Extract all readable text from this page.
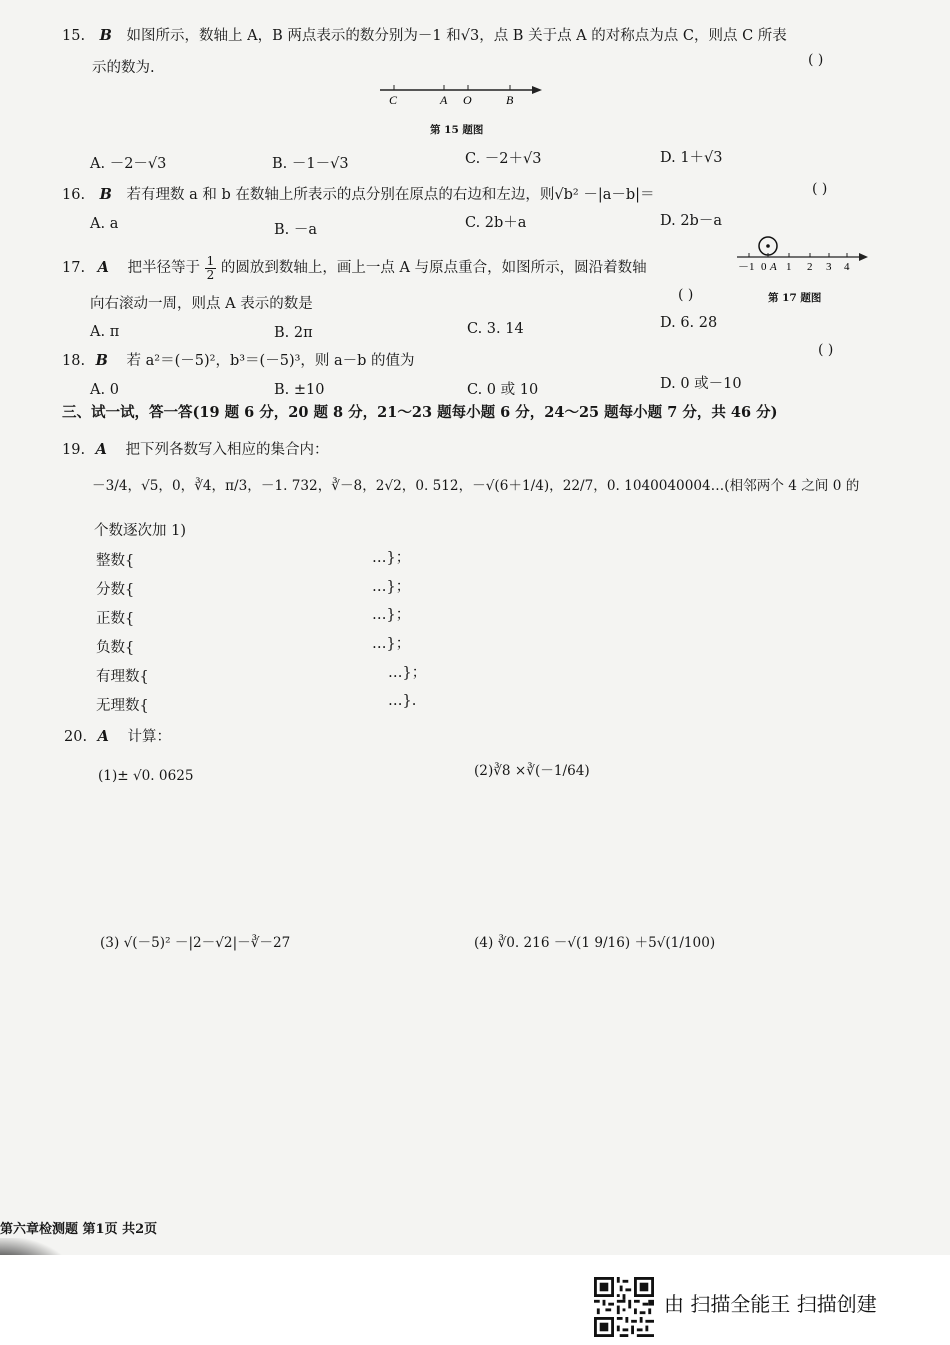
15. B 如图所示，数轴上 A，B 两点表示的数分别为－1 和√3，点 B 关于点 A 的对称点为点 C，则点 C 所表
示的数为.	( )
C	A O	B
第 15 题图
A. －2－√3	B. －1－√3	C. －2＋√3	D. 1＋√3
16. B 若有理数 a 和 b 在数轴上所表示的点分别在原点的右边和左边，则√b² －|a－b|＝	( )
A. a	B. －a	C. 2b＋a	D. 2b－a
17. A 把半径等于 $\frac{1}{2}$ 的圆放到数轴上，画上一点 A 与原点重合，如图所示，圆沿着数轴	－1 0 A 1 2 3 4
向右滚动一周，则点 A 表示的数是
( )	第 17 题图
A. π	B. 2π	C. 3. 14	D. 6. 28
18. B 若 a²＝(－5)²，b³＝(－5)³，则 a－b 的值为
( )
A. 0	B. ±10	C. 0 或 10	D. 0 或－10
三、试一试，答一答(19 题 6 分，20 题 8 分，21～23 题每小题 6 分，24～25 题每小题 7 分，共 46 分)
19. A 把下列各数写入相应的集合内：
－3/4，√5，0，∛4，π/3，－1. 732，∛－8，2√2，0. 5̇12̇，－√(6＋1/4)，22/7，0. 1040040004…(相邻两个 4 之间 0 的
个数逐次加 1)
整数{	…}；
分数{	…}；
正数{	…}；
负数{	…}；
有理数{	…}；
无理数{	…}.
20. A 计算：
(1)± √0. 0625	(2)∛8 ×∛(－1/64)
(3) √(－5)² －|2－√2|－∛－27	(4) ∛0. 216 －√(1 9/16) ＋5√(1/100)
第六章检测题 第1页 共2页
由 扫描全能王 扫描创建
